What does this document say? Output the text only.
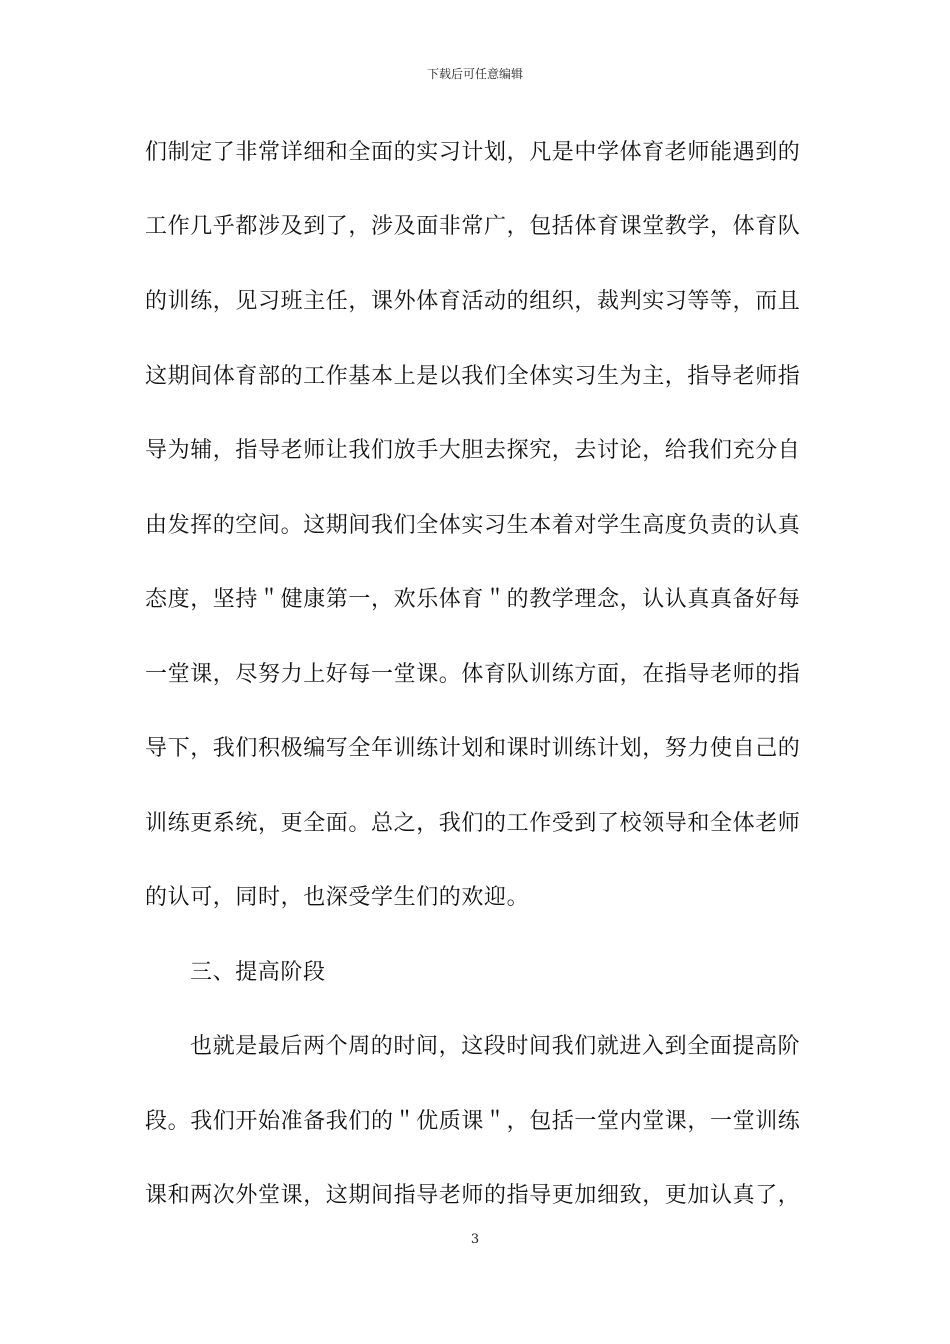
下载后可任意编辑
们制定了非常详细和全面的实习计划，凡是中学体育老师能遇到的
工作几乎都涉及到了，涉及面非常广，包括体育课堂教学，体育队
的训练，见习班主任，课外体育活动的组织，裁判实习等等，而且
这期间体育部的工作基本上是以我们全体实习生为主，指导老师指
导为辅，指导老师让我们放手大胆去探究，去讨论，给我们充分自
由发挥的空间。这期间我们全体实习生本着对学生高度负责的认真
态度，坚持＂健康第一，欢乐体育＂的教学理念，认认真真备好每
一堂课，尽努力上好每一堂课。体育队训练方面，在指导老师的指
导下，我们积极编写全年训练计划和课时训练计划，努力使自己的
训练更系统，更全面。总之，我们的工作受到了校领导和全体老师
的认可，同时，也深受学生们的欢迎。
三、提高阶段
也就是最后两个周的时间，这段时间我们就进入到全面提高阶
段。我们开始准备我们的＂优质课＂，包括一堂内堂课，一堂训练
课和两次外堂课，这期间指导老师的指导更加细致，更加认真了，
3
